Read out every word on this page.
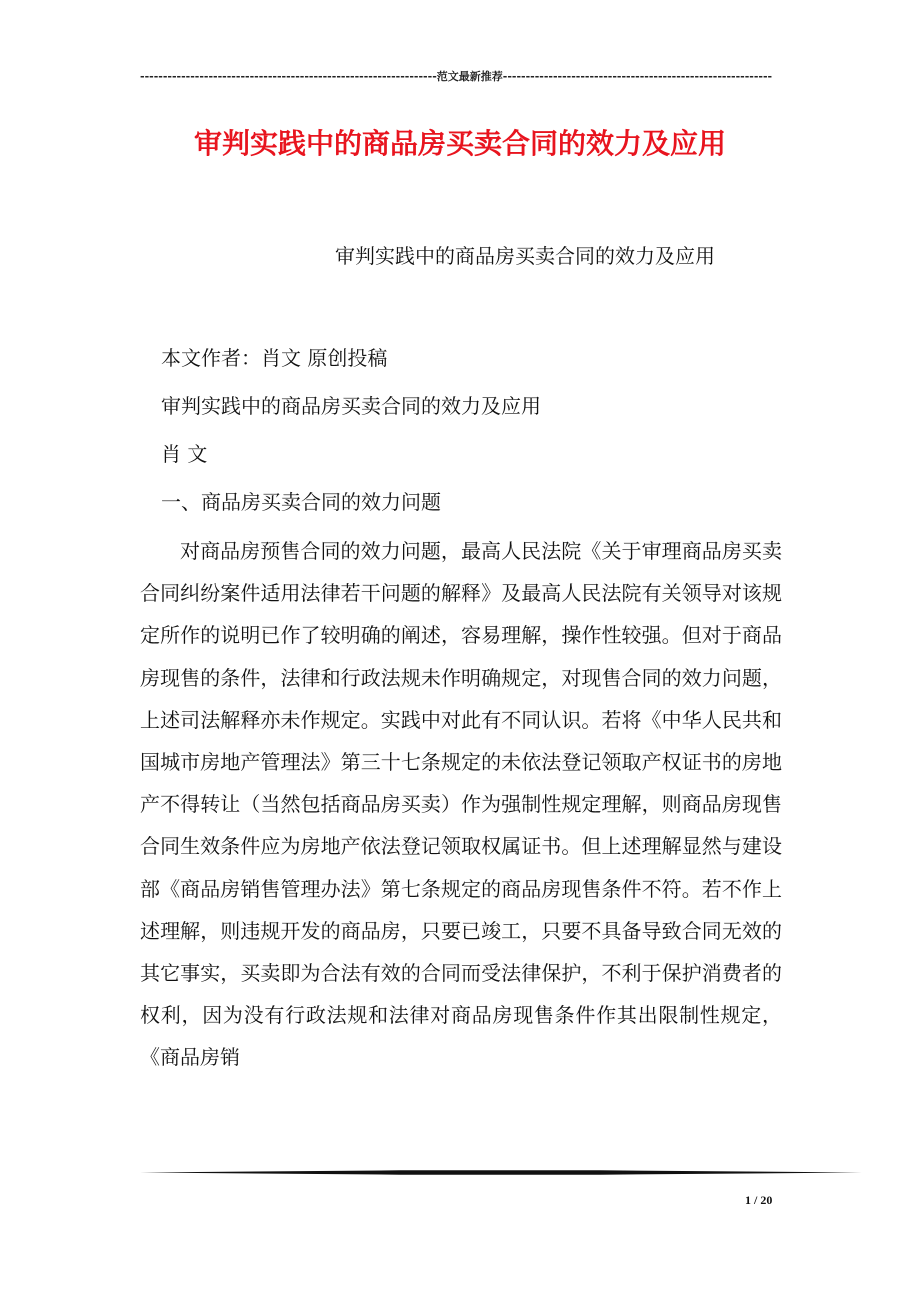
-----------------------------------------------------------------范文最新推荐-----------------------------------------------------------
审判实践中的商品房买卖合同的效力及应用
审判实践中的商品房买卖合同的效力及应用
本文作者：肖文 原创投稿
审判实践中的商品房买卖合同的效力及应用
肖 文
一、商品房买卖合同的效力问题

对商品房预售合同的效力问题，最高人民法院《关于审理商品房买卖合同纠纷案件适用法律若干问题的解释》及最高人民法院有关领导对该规定所作的说明已作了较明确的阐述，容易理解，操作性较强。但对于商品房现售的条件，法律和行政法规未作明确规定，对现售合同的效力问题，上述司法解释亦未作规定。实践中对此有不同认识。若将《中华人民共和国城市房地产管理法》第三十七条规定的未依法登记领取产权证书的房地产不得转让（当然包括商品房买卖）作为强制性规定理解，则商品房现售合同生效条件应为房地产依法登记领取权属证书。但上述理解显然与建设部《商品房销售管理办法》第七条规定的商品房现售条件不符。若不作上述理解，则违规开发的商品房，只要已竣工，只要不具备导致合同无效的其它事实，买卖即为合法有效的合同而受法律保护，不利于保护消费者的权利，因为没有行政法规和法律对商品房现售条件作其出限制性规定，《商品房销

1 / 20
